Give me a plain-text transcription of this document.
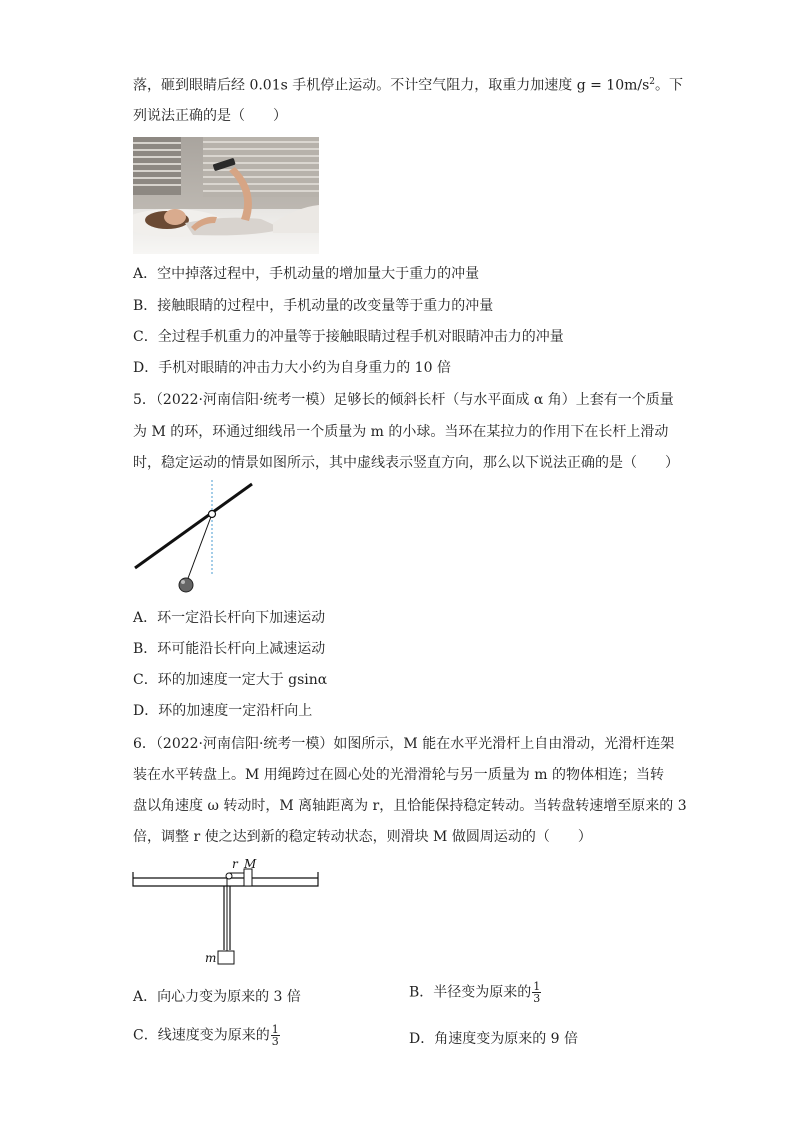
落，砸到眼睛后经 0.01s 手机停止运动。不计空气阻力，取重力加速度 $g = 10m/s^2$。下
列说法正确的是（　　）
A．空中掉落过程中，手机动量的增加量大于重力的冲量
B．接触眼睛的过程中，手机动量的改变量等于重力的冲量
C．全过程手机重力的冲量等于接触眼睛过程手机对眼睛冲击力的冲量
D．手机对眼睛的冲击力大小约为自身重力的 10 倍
5．（2022·河南信阳·统考一模）足够长的倾斜长杆（与水平面成 α 角）上套有一个质量
为 M 的环，环通过细线吊一个质量为 m 的小球。当环在某拉力的作用下在长杆上滑动
时，稳定运动的情景如图所示，其中虚线表示竖直方向，那么以下说法正确的是（　　）
A．环一定沿长杆向下加速运动
B．环可能沿长杆向上减速运动
C．环的加速度一定大于 gsinα
D．环的加速度一定沿杆向上
6．（2022·河南信阳·统考一模）如图所示，M 能在水平光滑杆上自由滑动，光滑杆连架
装在水平转盘上。M 用绳跨过在圆心处的光滑滑轮与另一质量为 m 的物体相连；当转
盘以角速度 ω 转动时，M 离轴距离为 r，且恰能保持稳定转动。当转盘转速增至原来的 3
倍，调整 r 使之达到新的稳定转动状态，则滑块 M 做圆周运动的（　　）
r M
m
A．向心力变为原来的 3 倍	B．半径变为原来的 $\frac{1}{3}$
C．线速度变为原来的 $\frac{1}{3}$	D．角速度变为原来的 9 倍
